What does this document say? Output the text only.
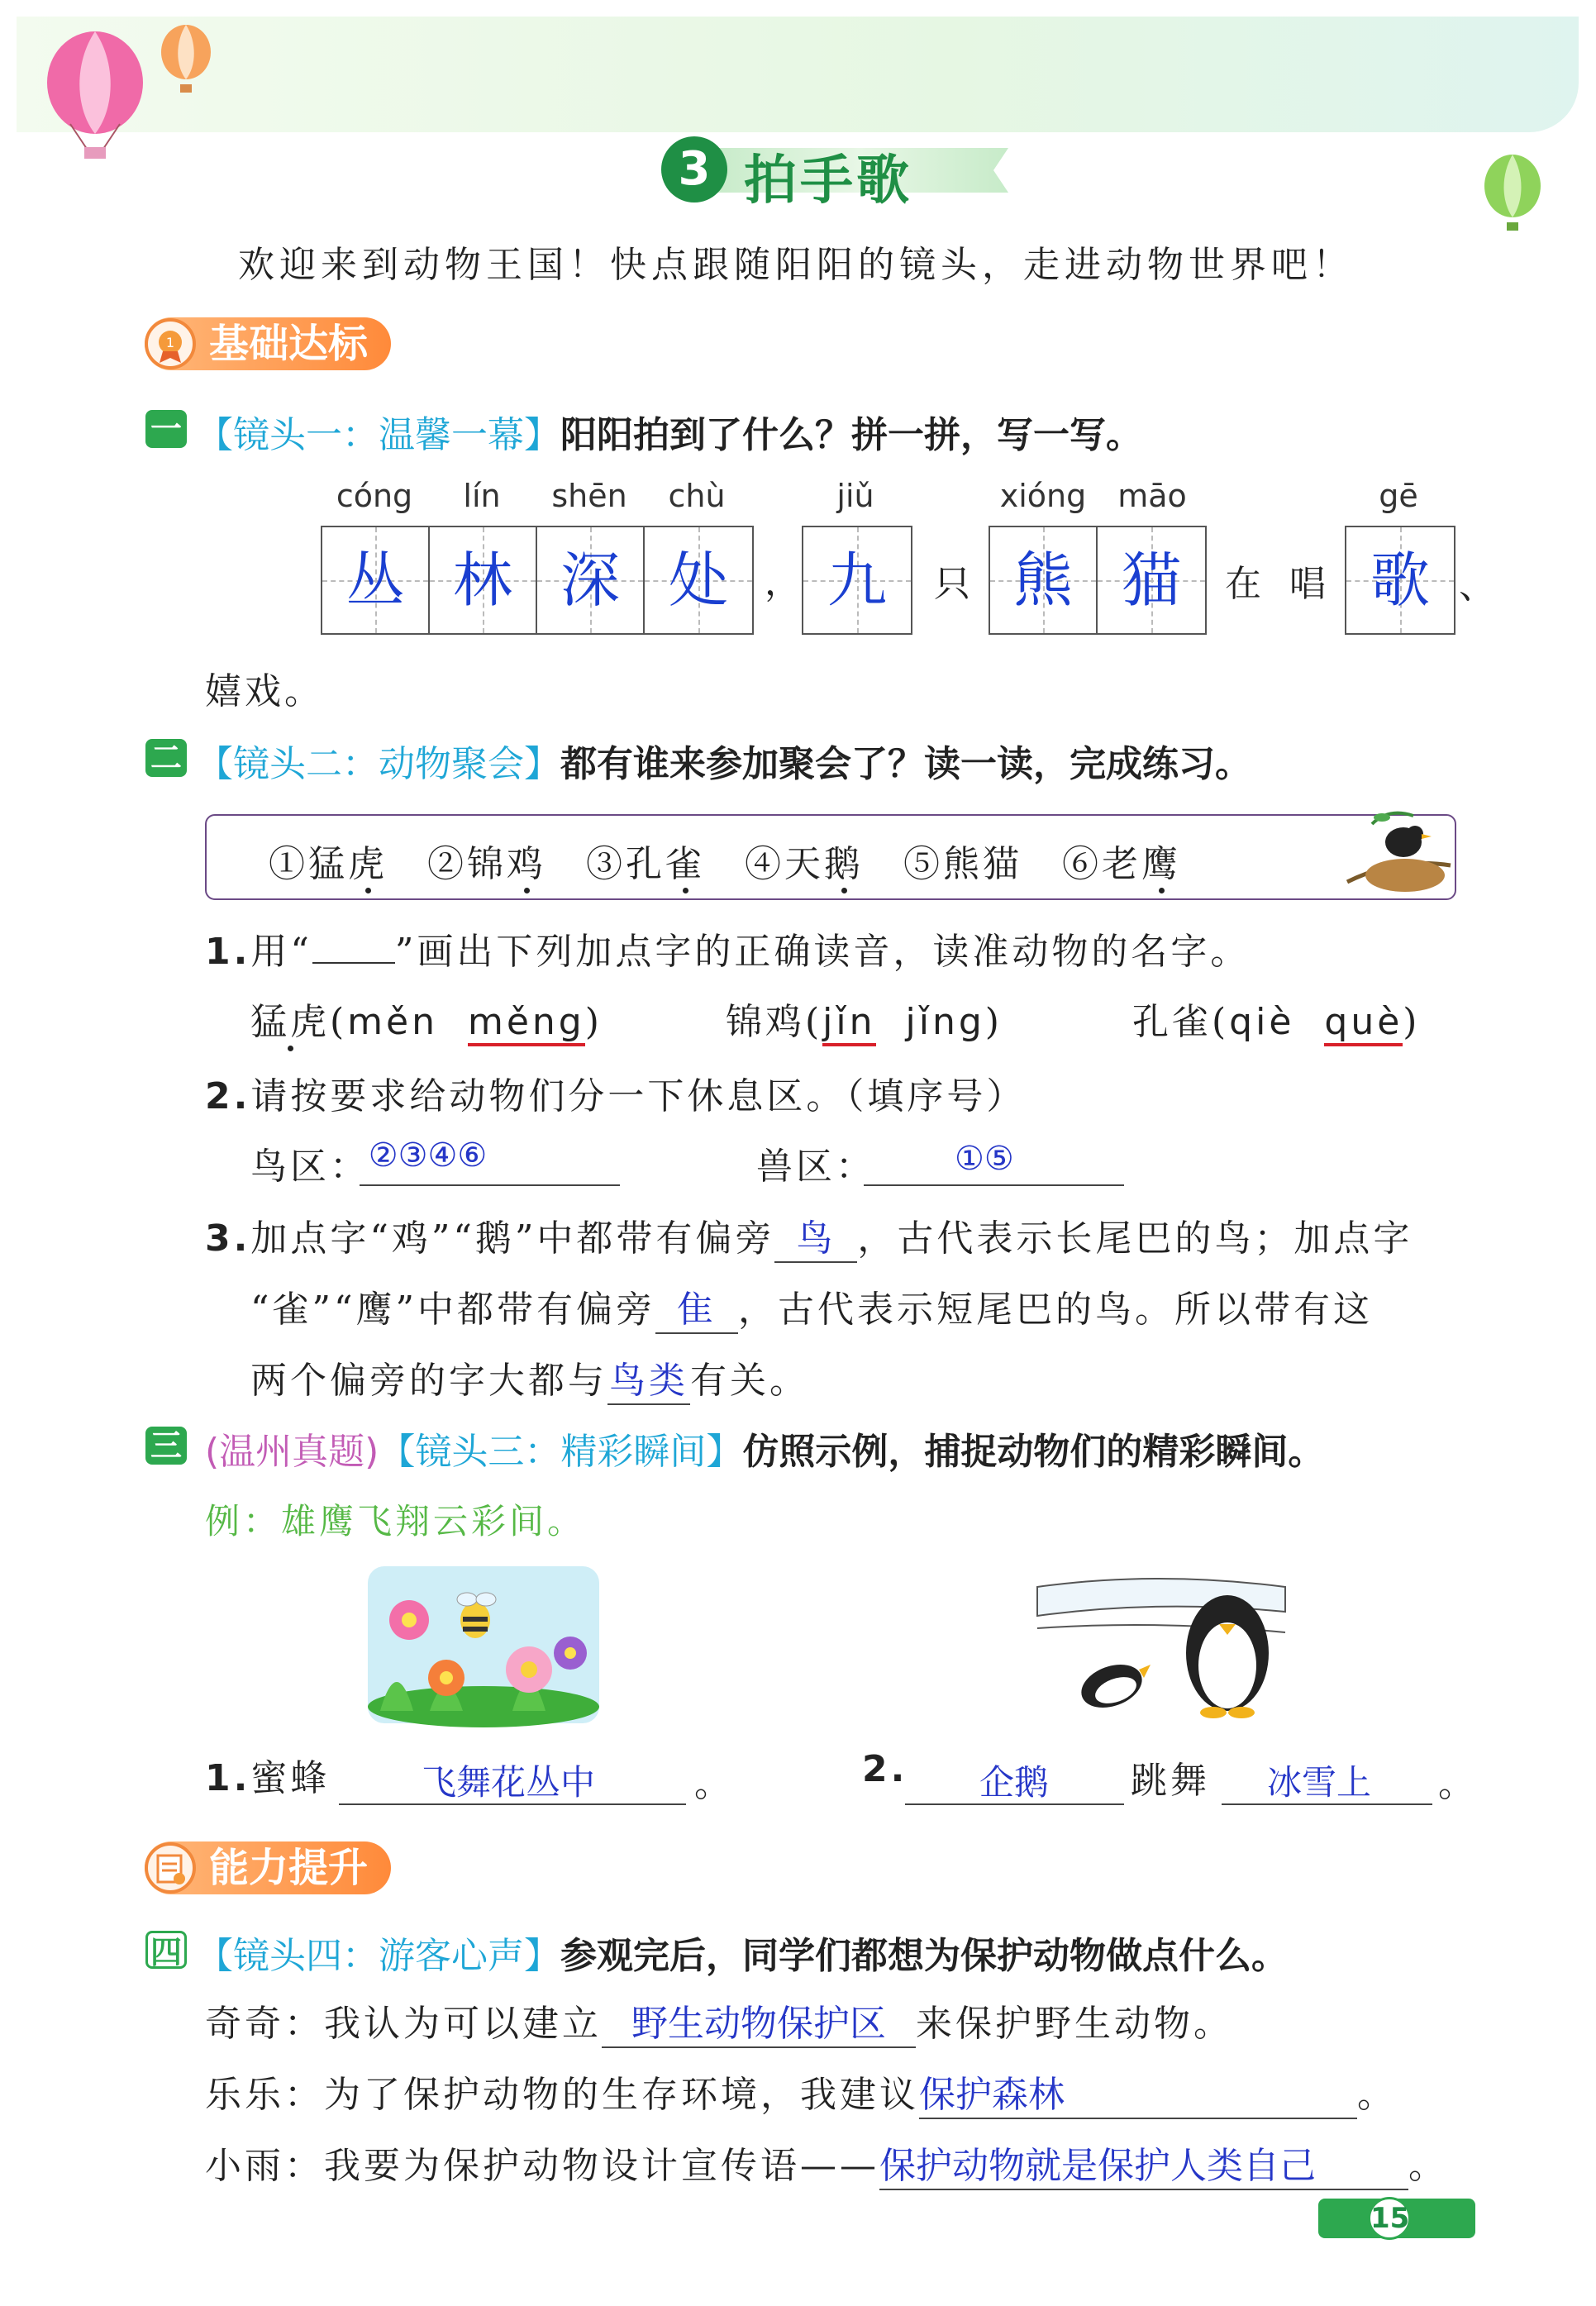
3 拍手歌
欢迎来到动物王国！快点跟随阳阳的镜头，走进动物世界吧！
基础达标
1
一 【镜头一：温馨一幕】阳阳拍到了什么？拼一拼，写一写。
cóng	lín	shēn	chù	jiǔ	xióng māo	gē
丛 林 深 处	， 九	只 熊 猫	在 唱 歌 、
嬉戏。
二 【镜头二：动物聚会】都有谁来参加聚会了？读一读，完成练习。
①猛虎 ②锦鸡 ③孔雀 ④天鹅 ⑤熊猫 ⑥老鹰
1.用“ ”画出下列加点字的正确读音，读准动物的名字。
猛虎(měn měng)	锦鸡(jǐn jǐng)	孔雀(qiè què)
2.请按要求给动物们分一下休息区。（填序号）
鸟区：
②③④⑥	兽区： ①⑤
3.加点字“鸡”“鹅”中都带有偏旁 鸟 ，古代表示长尾巴的鸟；加点字
“雀”“鹰”中都带有偏旁 隹 ，古代表示短尾巴的鸟。所以带有这
两个偏旁的字大都与鸟类有关。
三 (温州真题)【镜头三：精彩瞬间】仿照示例，捕捉动物们的精彩瞬间。
例：雄鹰飞翔云彩间。
1.蜜蜂	飞舞花丛中	。	2. 企鹅 跳舞 冰雪上 。
能力提升
四 【镜头四：游客心声】参观完后，同学们都想为保护动物做点什么。
奇奇：我认为可以建立 野生动物保护区 来保护野生动物。
乐乐：为了保护动物的生存环境，我建议保护森林	。
小雨：我要为保护动物设计宣传语——保护动物就是保护人类自己	。
15
